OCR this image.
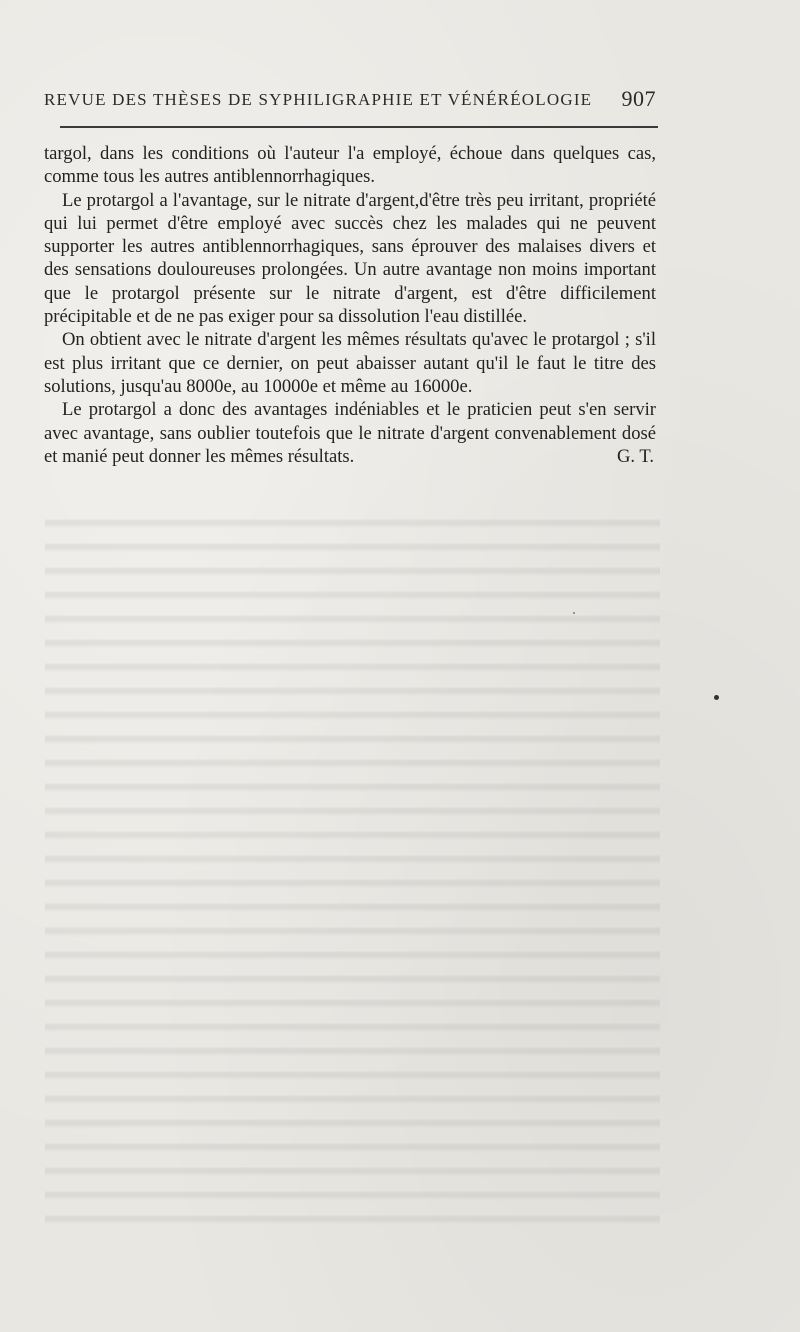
REVUE DES THÈSES DE SYPHILIGRAPHIE ET VÉNÉRÉOLOGIE 907

targol, dans les conditions où l'auteur l'a employé, échoue dans quelques cas, comme tous les autres antiblennorrhagiques.

Le protargol a l'avantage, sur le nitrate d'argent,d'être très peu irritant, propriété qui lui permet d'être employé avec succès chez les malades qui ne peuvent supporter les autres antiblennorrhagiques, sans éprouver des malaises divers et des sensations douloureuses prolongées. Un autre avantage non moins important que le protargol présente sur le nitrate d'argent, est d'être difficilement précipitable et de ne pas exiger pour sa dissolution l'eau distillée.

On obtient avec le nitrate d'argent les mêmes résultats qu'avec le protargol ; s'il est plus irritant que ce dernier, on peut abaisser autant qu'il le faut le titre des solutions, jusqu'au 8000e, au 10000e et même au 16000e.

Le protargol a donc des avantages indéniables et le praticien peut s'en servir avec avantage, sans oublier toutefois que le nitrate d'argent convenablement dosé et manié peut donner les mêmes résultats.	G. T.
